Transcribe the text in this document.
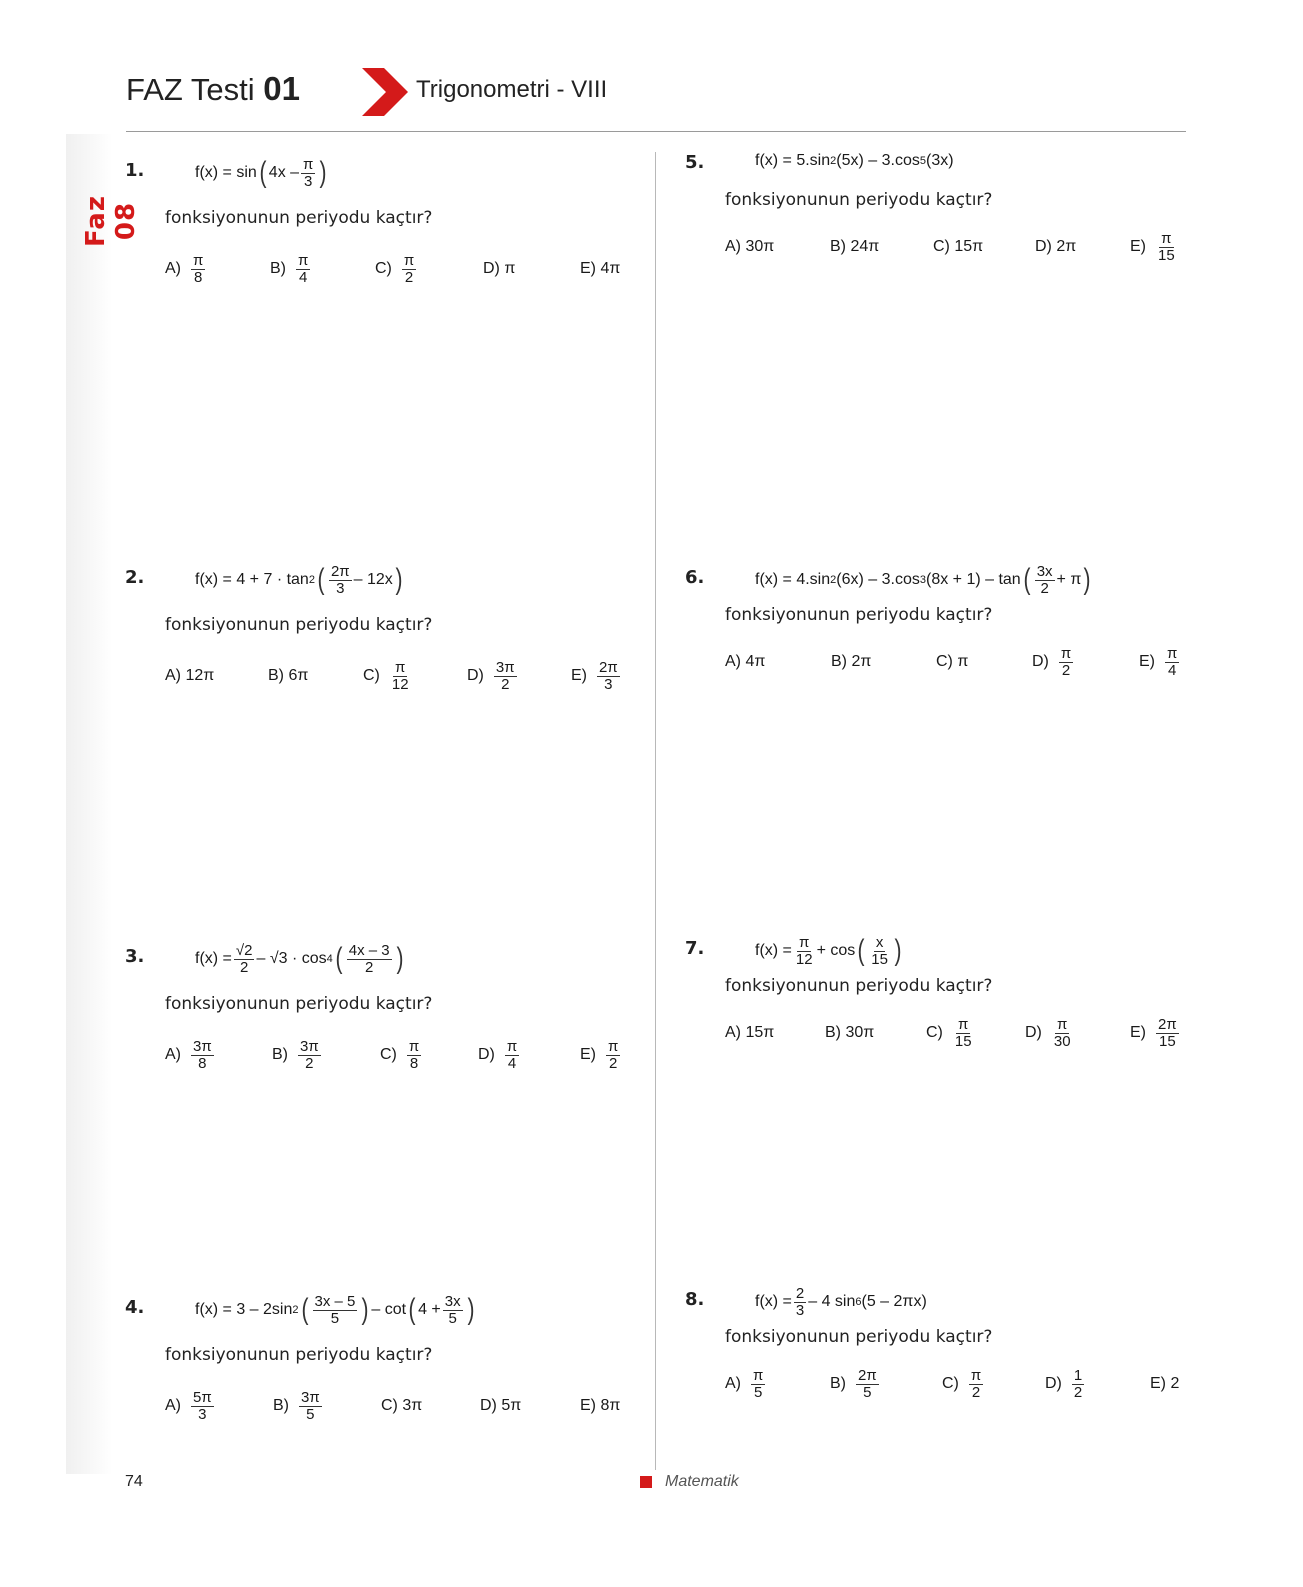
FAZ Testi 01	Trigonometri - VIII
Faz 08
1.	f(x) = sin ( $4x - \frac{\pi}{3}$ )
fonksiyonunun periyodu kaçtır?
$A) \frac{\pi}{8}$	$B) \frac{\pi}{4}$	$C) \frac{\pi}{2}$	D) π	E) 4π
2.	f(x) = 4 + 7 · tan 2 ( $\frac{2\pi}{3} - 12x$ )
fonksiyonunun periyodu kaçtır?
A) 12π	B) 6π	$C) \frac{\pi}{12}$	$D) \frac{3\pi}{2}$	$E) \frac{2\pi}{3}$
3.	$f(x) = \frac{√2}{2} - √3 \cdot \cos 4$ ( $\frac{4x - 3}{2}$ )
fonksiyonunun periyodu kaçtır?
$A) \frac{3\pi}{8}$	$B) \frac{3\pi}{2}$	$C) \frac{\pi}{8}$	$D) \frac{\pi}{4}$	$E) \frac{\pi}{2}$
4.	f(x) = 3 – 2sin 2 ( $\frac{3x - 5}{5}$ ) – cot ( $4 + \frac{3x}{5}$ )
fonksiyonunun periyodu kaçtır?
$A) \frac{5\pi}{3}$	$B) \frac{3\pi}{5}$	C) 3π	D) 5π	E) 8π
5.	f(x) = 5.sin 2 (5x) – 3.cos 5 (3x)
fonksiyonunun periyodu kaçtır?
A) 30π	B) 24π	C) 15π	D) 2π	$E) \frac{\pi}{15}$
6.	f(x) = 4.sin 2 (6x) – 3.cos 3 (8x + 1) – tan ( $\frac{3x}{2} + \pi$ )
fonksiyonunun periyodu kaçtır?
A) 4π	B) 2π	C) π	$D) \frac{\pi}{2}$	$E) \frac{\pi}{4}$
7.	$f(x) = \frac{\pi}{12} + \cos$ ( $\frac{x}{15}$ )
fonksiyonunun periyodu kaçtır?
A) 15π	B) 30π	$C) \frac{\pi}{15}$	$D) \frac{\pi}{30}$	$E) \frac{2\pi}{15}$
8.	$f(x) = \frac{2}{3} - 4$ sin 6 (5 – 2πx)
fonksiyonunun periyodu kaçtır?
$A) \frac{\pi}{5}$	$B) \frac{2\pi}{5}$	$C) \frac{\pi}{2}$	$D) \frac{1}{2}$	E) 2
74	Matematik
